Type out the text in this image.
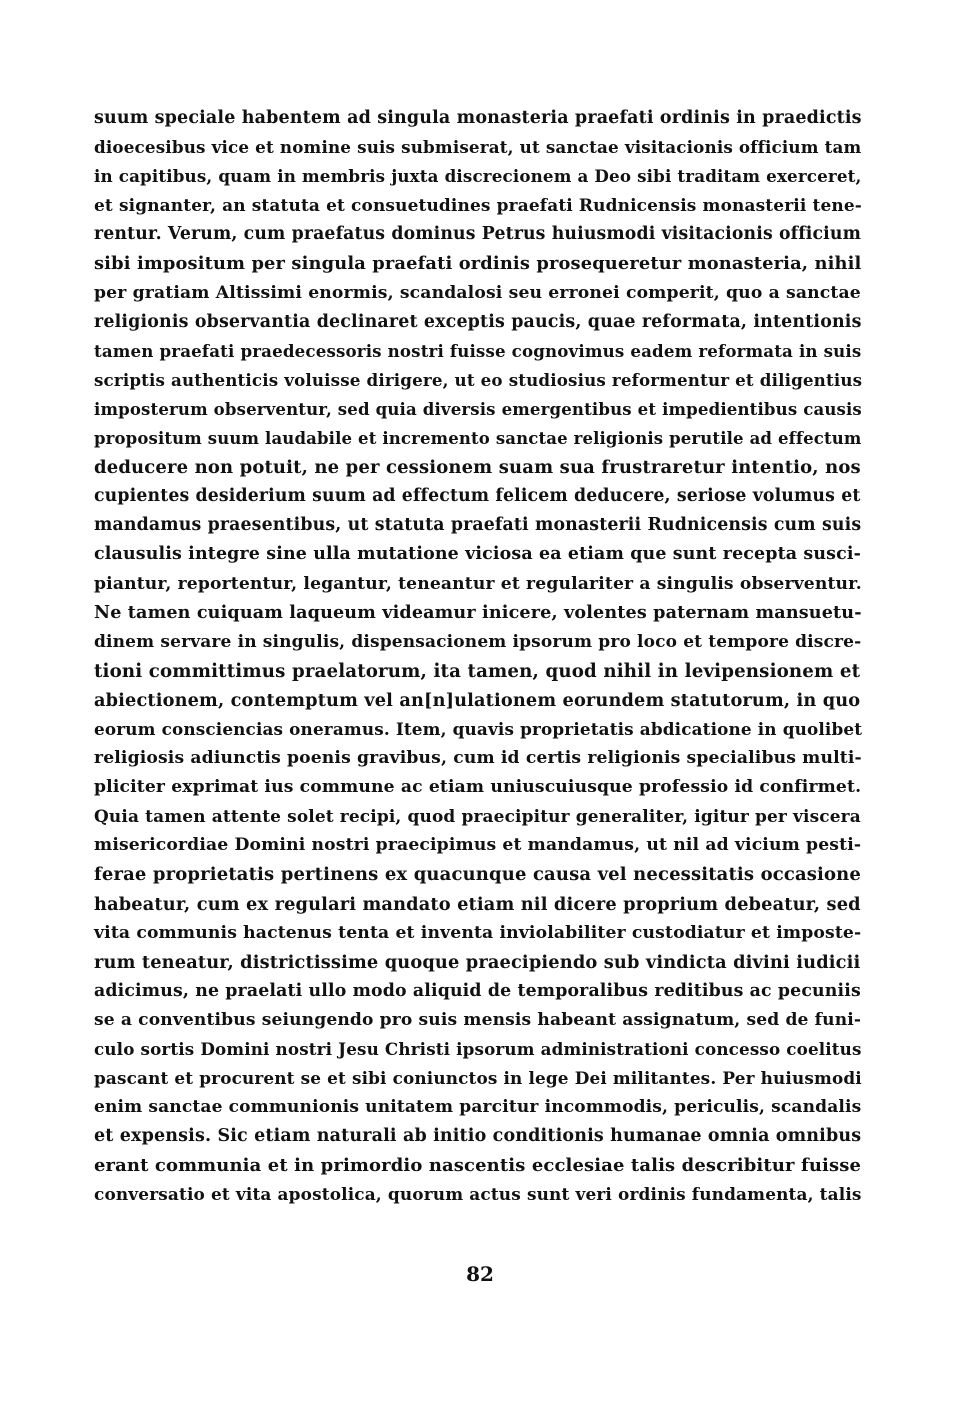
suum speciale habentem ad singula monasteria praefati ordinis in praedictis
dioecesibus vice et nomine suis submiserat, ut sanctae visitacionis officium tam
in capitibus, quam in membris juxta discrecionem a Deo sibi traditam exerceret,
et signanter, an statuta et consuetudines praefati Rudnicensis monasterii tene-
rentur. Verum, cum praefatus dominus Petrus huiusmodi visitacionis officium
sibi impositum per singula praefati ordinis prosequeretur monasteria, nihil
per gratiam Altissimi enormis, scandalosi seu erronei comperit, quo a sanctae
religionis observantia declinaret exceptis paucis, quae reformata, intentionis
tamen praefati praedecessoris nostri fuisse cognovimus eadem reformata in suis
scriptis authenticis voluisse dirigere, ut eo studiosius reformentur et diligentius
imposterum observentur, sed quia diversis emergentibus et impedientibus causis
propositum suum laudabile et incremento sanctae religionis perutile ad effectum
deducere non potuit, ne per cessionem suam sua frustraretur intentio, nos
cupientes desiderium suum ad effectum felicem deducere, seriose volumus et
mandamus praesentibus, ut statuta praefati monasterii Rudnicensis cum suis
clausulis integre sine ulla mutatione viciosa ea etiam que sunt recepta susci-
piantur, reportentur, legantur, teneantur et regulariter a singulis observentur.
Ne tamen cuiquam laqueum videamur inicere, volentes paternam mansuetu-
dinem servare in singulis, dispensacionem ipsorum pro loco et tempore discre-
tioni committimus praelatorum, ita tamen, quod nihil in levipensionem et
abiectionem, contemptum vel an[n]ulationem eorundem statutorum, in quo
eorum consciencias oneramus. Item, quavis proprietatis abdicatione in quolibet
religiosis adiunctis poenis gravibus, cum id certis religionis specialibus multi-
pliciter exprimat ius commune ac etiam uniuscuiusque professio id confirmet.
Quia tamen attente solet recipi, quod praecipitur generaliter, igitur per viscera
misericordiae Domini nostri praecipimus et mandamus, ut nil ad vicium pesti-
ferae proprietatis pertinens ex quacunque causa vel necessitatis occasione
habeatur, cum ex regulari mandato etiam nil dicere proprium debeatur, sed
vita communis hactenus tenta et inventa inviolabiliter custodiatur et imposte-
rum teneatur, districtissime quoque praecipiendo sub vindicta divini iudicii
adicimus, ne praelati ullo modo aliquid de temporalibus reditibus ac pecuniis
se a conventibus seiungendo pro suis mensis habeant assignatum, sed de funi-
culo sortis Domini nostri Jesu Christi ipsorum administrationi concesso coelitus
pascant et procurent se et sibi coniunctos in lege Dei militantes. Per huiusmodi
enim sanctae communionis unitatem parcitur incommodis, periculis, scandalis
et expensis. Sic etiam naturali ab initio conditionis humanae omnia omnibus
erant communia et in primordio nascentis ecclesiae talis describitur fuisse
conversatio et vita apostolica, quorum actus sunt veri ordinis fundamenta, talis
82
